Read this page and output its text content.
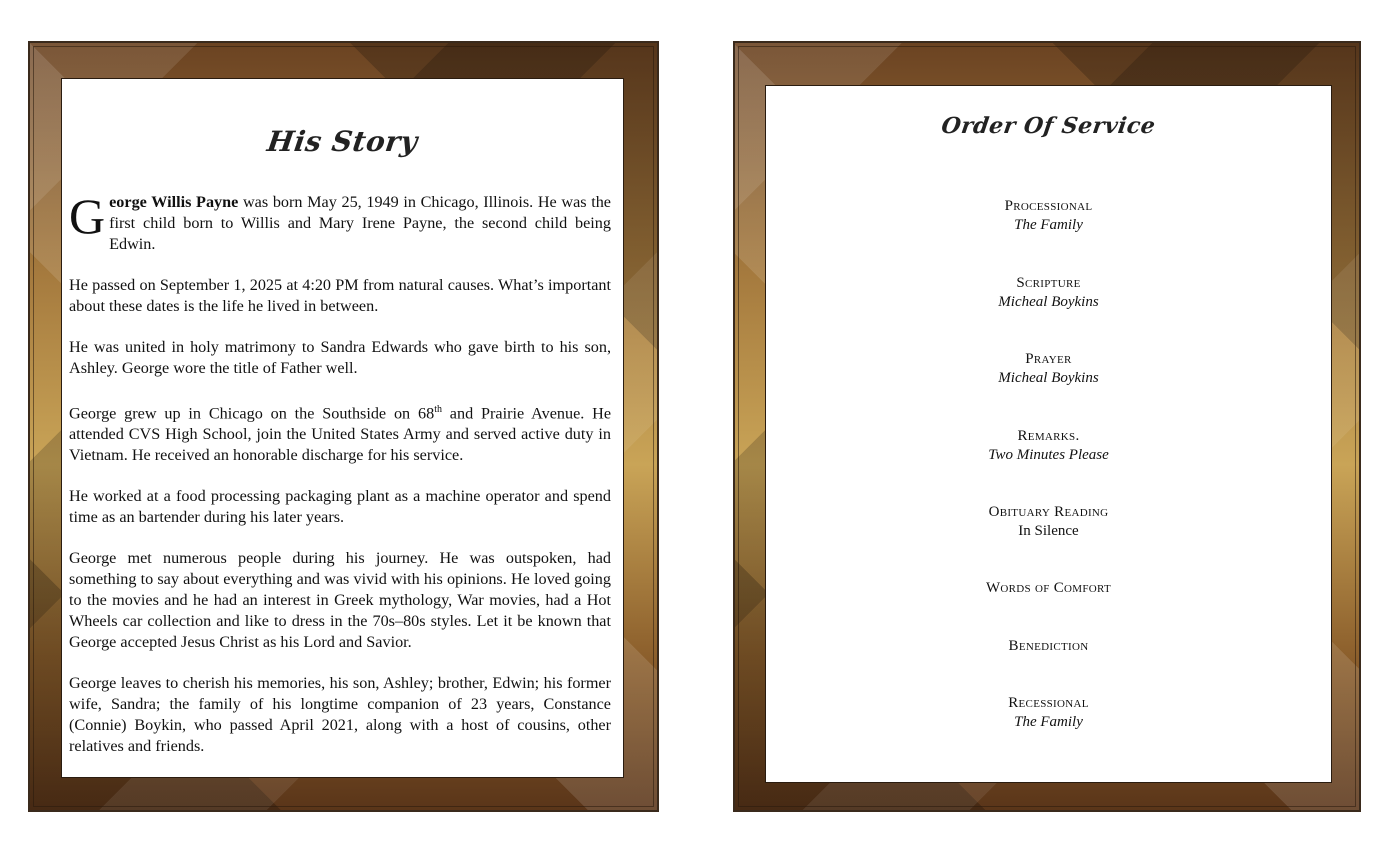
His Story

George Willis Payne was born May 25, 1949 in Chicago, Illinois. He was the first child born to Willis and Mary Irene Payne, the second child being Edwin.

He passed on September 1, 2025 at 4:20 PM from natural causes. What’s important about these dates is the life he lived in between.

He was united in holy matrimony to Sandra Edwards who gave birth to his son, Ashley. George wore the title of Father well.

George grew up in Chicago on the Southside on 68th and Prairie Avenue. He attended CVS High School, join the United States Army and served active duty in Vietnam. He received an honorable discharge for his service.

He worked at a food processing packaging plant as a machine operator and spend time as an bartender during his later years.

George met numerous people during his journey. He was outspoken, had something to say about everything and was vivid with his opinions. He loved going to the movies and he had an interest in Greek mythology, War movies, had a Hot Wheels car collection and like to dress in the 70s–80s styles. Let it be known that George accepted Jesus Christ as his Lord and Savior.

George leaves to cherish his memories, his son, Ashley; brother, Edwin; his former wife, Sandra; the family of his longtime companion of 23 years, Constance (Connie) Boykin, who passed April 2021, along with a host of cousins, other relatives and friends.

Order Of Service
Processional
The Family
Scripture
Micheal Boykins
Prayer
Micheal Boykins
Remarks.
Two Minutes Please
Obituary Reading
In Silence
Words of Comfort
Benediction
Recessional
The Family
